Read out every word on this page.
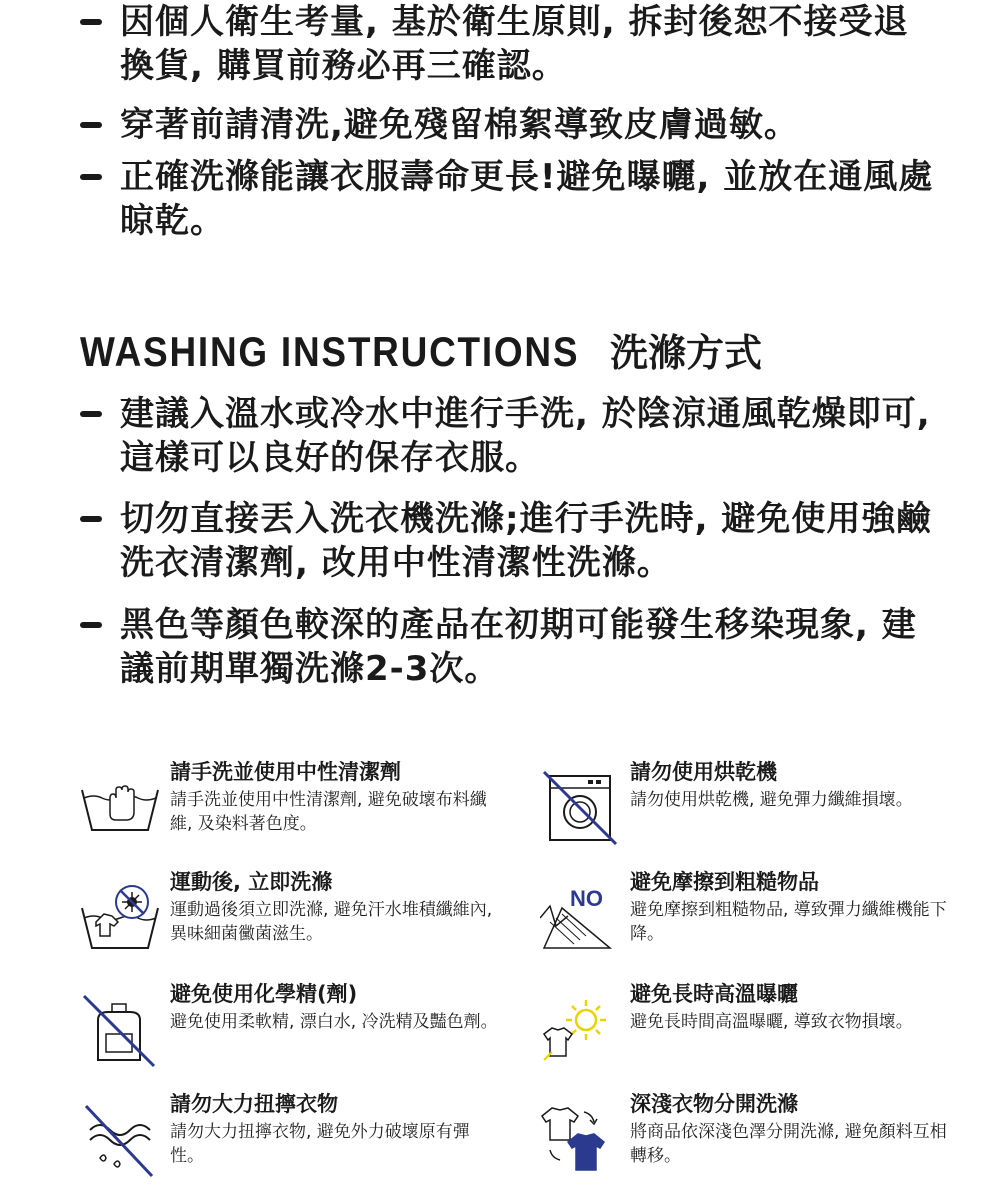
因個人衛生考量, 基於衛生原則, 拆封後恕不接受退換貨, 購買前務必再三確認。
穿著前請清洗,避免殘留棉絮導致皮膚過敏。
正確洗滌能讓衣服壽命更長!避免曝曬, 並放在通風處晾乾。
WASHING INSTRUCTIONS 洗滌方式
建議入溫水或冷水中進行手洗, 於陰涼通風乾燥即可, 這樣可以良好的保存衣服。
切勿直接丟入洗衣機洗滌;進行手洗時, 避免使用強鹼洗衣清潔劑, 改用中性清潔性洗滌。
黑色等顏色較深的產品在初期可能發生移染現象, 建議前期單獨洗滌2-3次。
請手洗並使用中性清潔劑
請手洗並使用中性清潔劑, 避免破壞布料纖維, 及染料著色度。
請勿使用烘乾機
請勿使用烘乾機, 避免彈力纖維損壞。
運動後, 立即洗滌
運動過後須立即洗滌, 避免汗水堆積纖維內, 異味細菌黴菌滋生。
NO
避免摩擦到粗糙物品
避免摩擦到粗糙物品, 導致彈力纖維機能下降。
避免使用化學精(劑)
避免使用柔軟精, 漂白水, 冷洗精及豔色劑。
避免長時高溫曝曬
避免長時間高溫曝曬, 導致衣物損壞。
請勿大力扭擰衣物
請勿大力扭擰衣物, 避免外力破壞原有彈性。
深淺衣物分開洗滌
將商品依深淺色澤分開洗滌, 避免顏料互相轉移。
